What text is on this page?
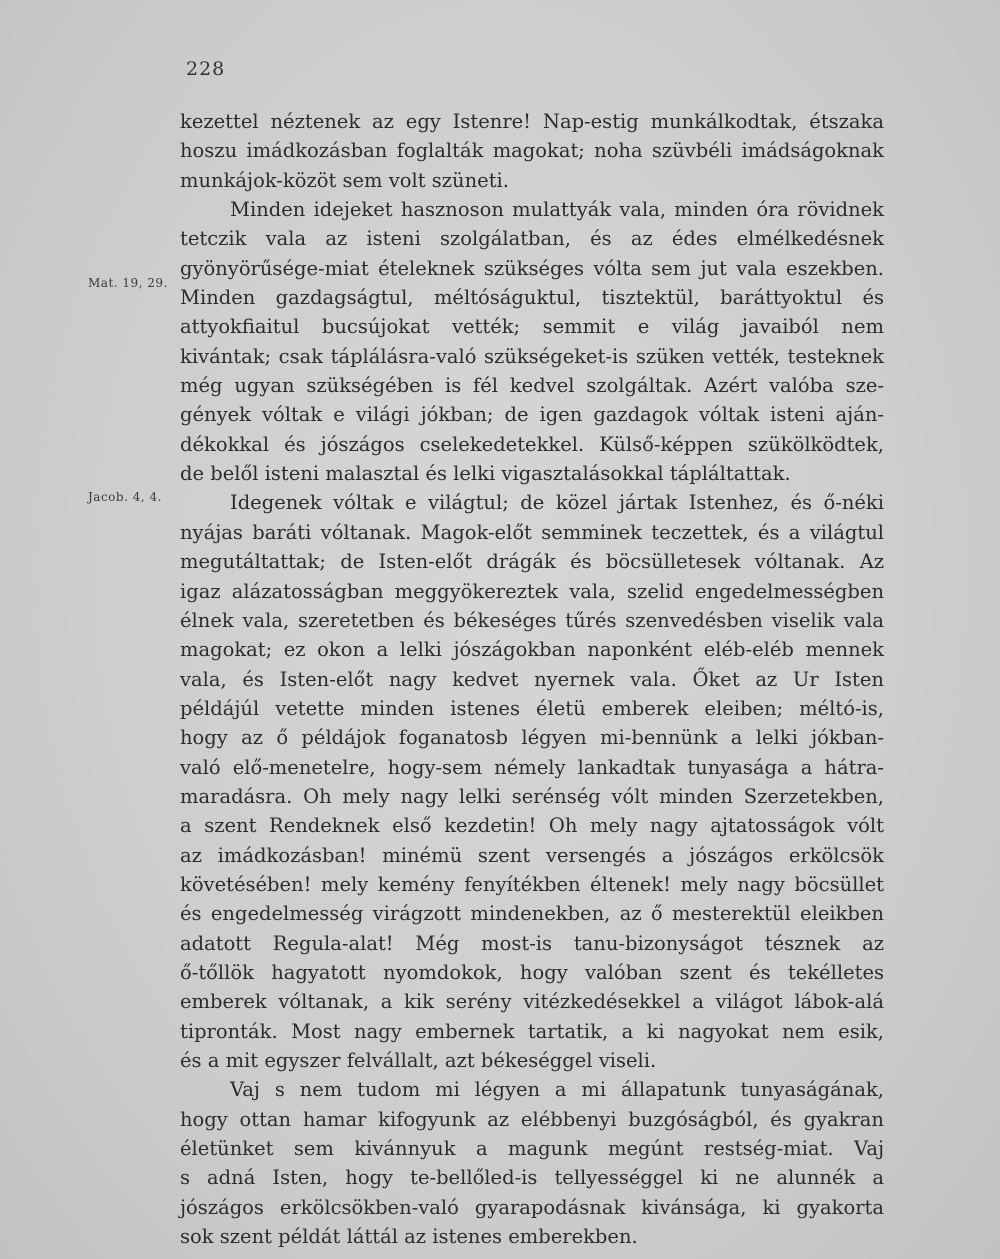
228
Mat. 19, 29.
Jacob. 4, 4.
kezettel néztenek az egy Istenre! Nap-estig munkálkodtak, étszaka
hoszu imádkozásban foglalták magokat; noha szüvbéli imádságoknak
munkájok-közöt sem volt szüneti.
Minden idejeket hasznoson mulattyák vala, minden óra rövidnek
tetczik vala az isteni szolgálatban, és az édes elmélkedésnek
gyönyörűsége-miat ételeknek szükséges vólta sem jut vala eszekben.
Minden gazdagságtul, méltóságuktul, tisztektül, baráttyoktul és
attyokfiaitul bucsújokat vették; semmit e világ javaiból nem
kivántak; csak táplálásra-való szükségeket-is szüken vették, testeknek
még ugyan szükségében is fél kedvel szolgáltak. Azért valóba sze-
gények vóltak e világi jókban; de igen gazdagok vóltak isteni aján-
dékokkal és jószágos cselekedetekkel. Külső-képpen szükölködtek,
de belől isteni malasztal és lelki vigasztalásokkal tápláltattak.
Idegenek vóltak e világtul; de közel jártak Istenhez, és ő-néki
nyájas baráti vóltanak. Magok-előt semminek teczettek, és a világtul
megutáltattak; de Isten-előt drágák és böcsülletesek vóltanak. Az
igaz alázatosságban meggyökereztek vala, szelid engedelmességben
élnek vala, szeretetben és békeséges tűrés szenvedésben viselik vala
magokat; ez okon a lelki jószágokban naponként eléb-eléb mennek
vala, és Isten-előt nagy kedvet nyernek vala. Őket az Ur Isten
példájúl vetette minden istenes életü emberek eleiben; méltó-is,
hogy az ő példájok foganatosb légyen mi-bennünk a lelki jókban-
való elő-menetelre, hogy-sem némely lankadtak tunyasága a hátra-
maradásra. Oh mely nagy lelki serénség vólt minden Szerzetekben,
a szent Rendeknek első kezdetin! Oh mely nagy ajtatosságok vólt
az imádkozásban! minémü szent versengés a jószágos erkölcsök
követésében! mely kemény fenyítékben éltenek! mely nagy böcsüllet
és engedelmesség virágzott mindenekben, az ő mesterektül eleikben
adatott Regula-alat! Még most-is tanu-bizonyságot tésznek az
ő-tőllök hagyatott nyomdokok, hogy valóban szent és tekélletes
emberek vóltanak, a kik serény vitézkedésekkel a világot lábok-alá
tipronták. Most nagy embernek tartatik, a ki nagyokat nem esik,
és a mit egyszer felvállalt, azt békeséggel viseli.
Vaj s nem tudom mi légyen a mi állapatunk tunyaságának,
hogy ottan hamar kifogyunk az elébbenyi buzgóságból, és gyakran
életünket sem kivánnyuk a magunk megúnt restség-miat. Vaj
s adná Isten, hogy te-bellőled-is tellyességgel ki ne alunnék a
jószágos erkölcsökben-való gyarapodásnak kivánsága, ki gyakorta
sok szent példát láttál az istenes emberekben.
